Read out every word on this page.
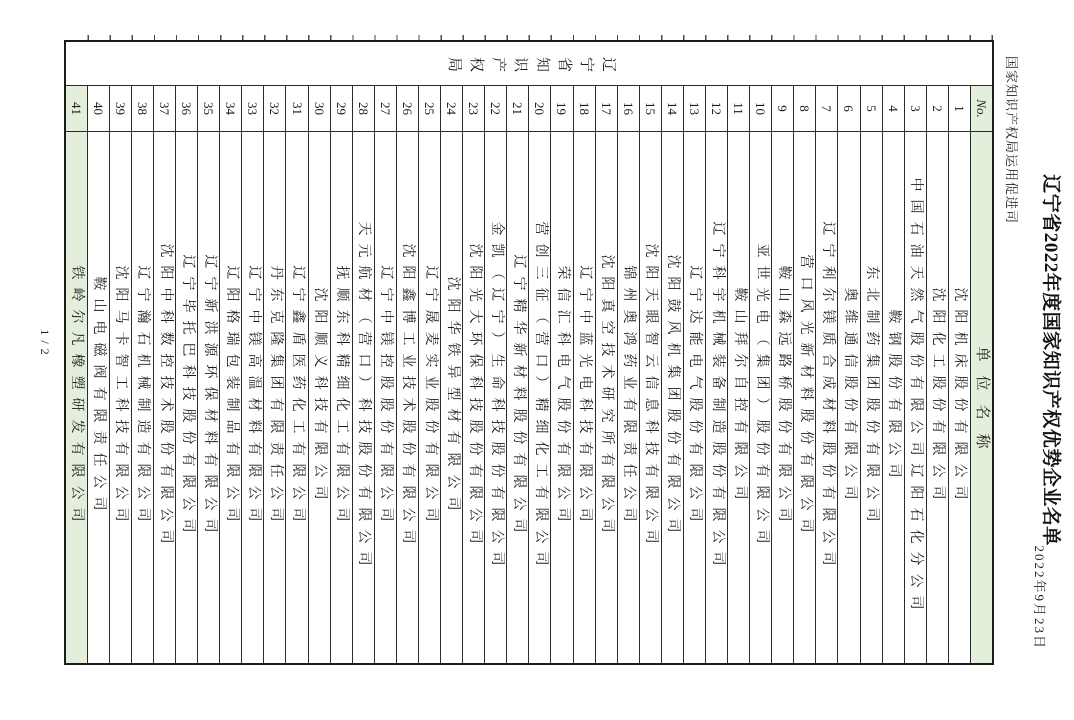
辽宁省2022年度国家知识产权优势企业名单
2022年9月23日
国家知识产权局运用促进司
辽宁省知识产权局
No.
单位名称
1
沈阳机床股份有限公司
2
沈阳化工股份有限公司
3
中国石油天然气股份有限公司辽阳石化分公司
4
鞍钢股份有限公司
5
东北制药集团股份有限公司
6
奥维通信股份有限公司
7
辽宁利尔镁质合成材料股份有限公司
8
营口风光新材料股份有限公司
9
鞍山森远路桥股份有限公司
10
亚世光电（集团）股份有限公司
11
鞍山拜尔自控有限公司
12
辽宁科宇机械装备制造股份有限公司
13
辽宁达能电气股份有限公司
14
沈阳鼓风机集团股份有限公司
15
沈阳天眼智云信息科技有限公司
16
锦州奥鸿药业有限责任公司
17
沈阳真空技术研究所有限公司
18
辽宁中蓝光电科技有限公司
19
荣信汇科电气股份有限公司
20
营创三征（营口）精细化工有限公司
21
辽宁精华新材料股份有限公司
22
金凯（辽宁）生命科技股份有限公司
23
沈阳光大环保科技股份有限公司
24
沈阳华铁异型材有限公司
25
辽宁晟麦实业股份有限公司
26
沈阳鑫博工业技术股份有限公司
27
辽宁中镁控股股份有限公司
28
天元航材（营口）科技股份有限公司
29
抚顺东科精细化工有限公司
30
沈阳顺义科技有限公司
31
辽宁鑫盾医药化工有限公司
32
丹东克隆集团有限责任公司
33
辽宁中镁高温材料有限公司
34
辽阳格瑞包装制品有限公司
35
辽宁新洪源环保材料有限公司
36
辽宁毕托巴科技股份有限公司
37
沈阳中科数控技术股份有限公司
38
辽宁瀚石机械制造有限公司
39
沈阳马卡智工科技有限公司
40
鞍山电磁阀有限责任公司
41
铁岭尔凡橡塑研发有限公司
1 / 2
